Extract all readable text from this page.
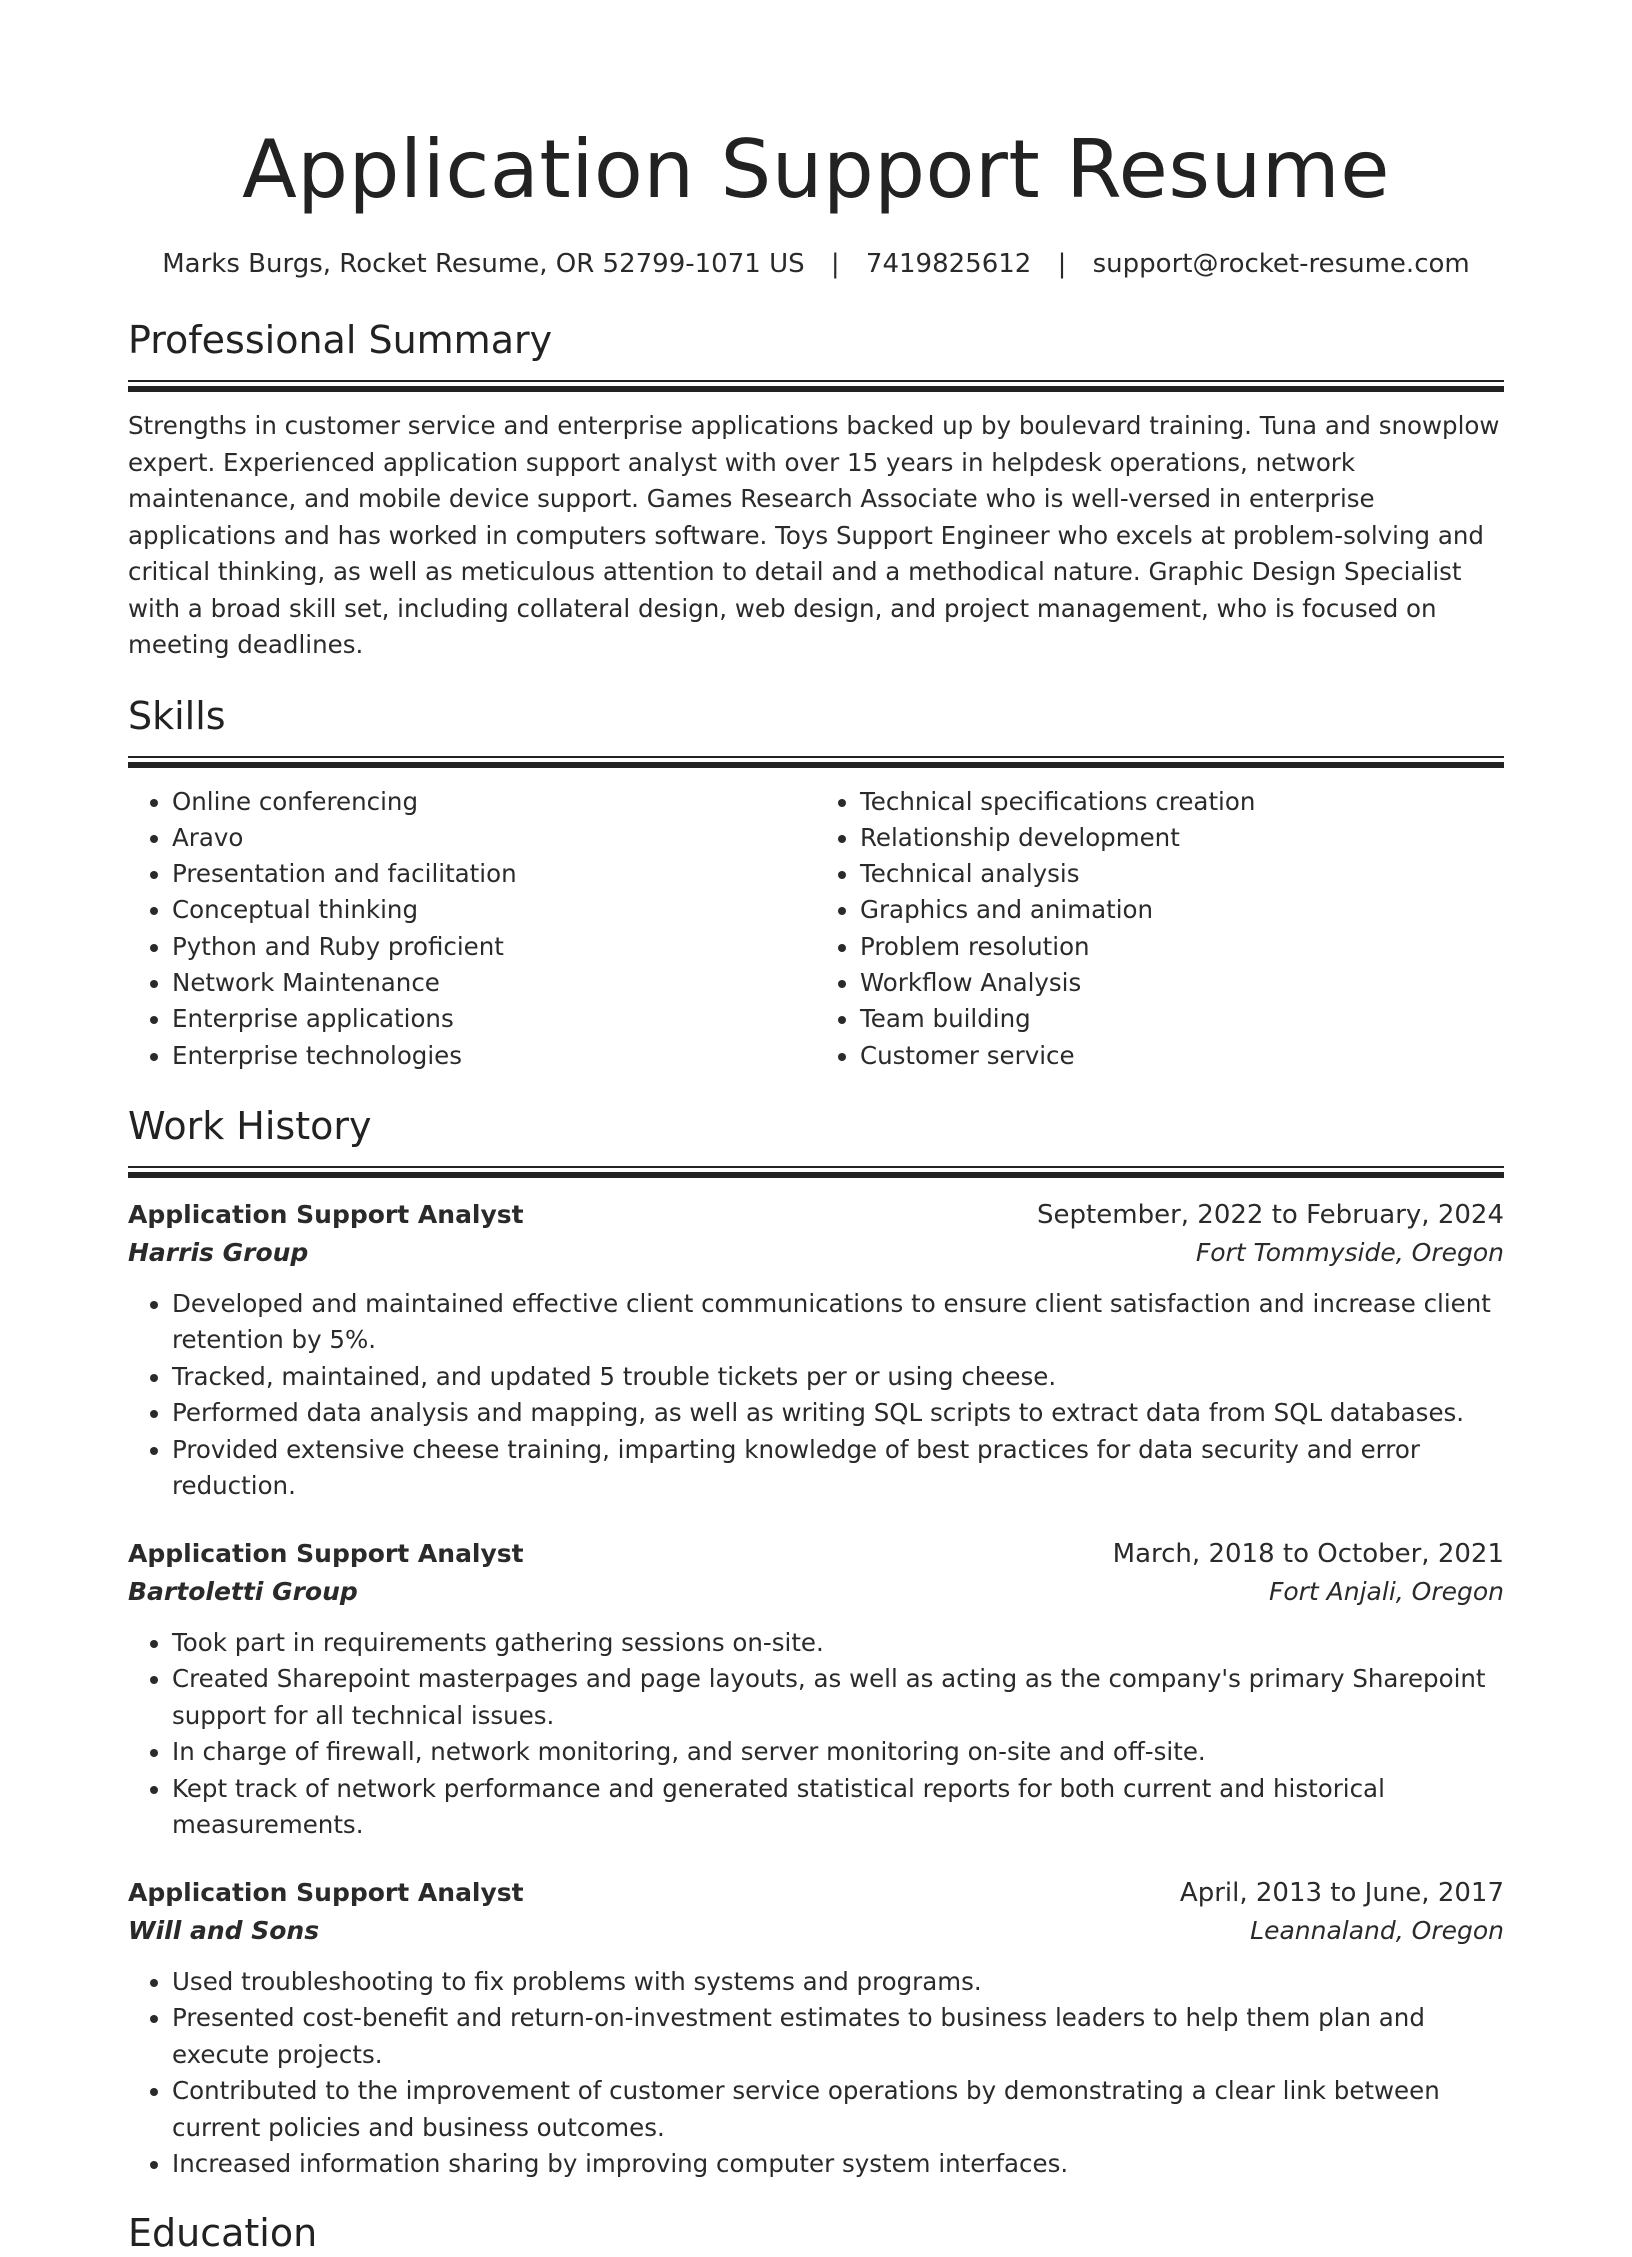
Application Support Resume
Marks Burgs, Rocket Resume, OR 52799-1071 US | 7419825612 | support@rocket-resume.com
Professional Summary
Strengths in customer service and enterprise applications backed up by boulevard training. Tuna and snowplow expert. Experienced application support analyst with over 15 years in helpdesk operations, network maintenance, and mobile device support. Games Research Associate who is well-versed in enterprise applications and has worked in computers software. Toys Support Engineer who excels at problem-solving and critical thinking, as well as meticulous attention to detail and a methodical nature. Graphic Design Specialist with a broad skill set, including collateral design, web design, and project management, who is focused on meeting deadlines.
Skills
• Online conferencing
• Aravo
• Presentation and facilitation
• Conceptual thinking
• Python and Ruby proficient
• Network Maintenance
• Enterprise applications
• Enterprise technologies
• Technical specifications creation
• Relationship development
• Technical analysis
• Graphics and animation
• Problem resolution
• Workflow Analysis
• Team building
• Customer service
Work History
Application Support Analyst	September, 2022 to February, 2024
Harris Group	Fort Tommyside, Oregon
• Developed and maintained effective client communications to ensure client satisfaction and increase client retention by 5%.
• Tracked, maintained, and updated 5 trouble tickets per or using cheese.
• Performed data analysis and mapping, as well as writing SQL scripts to extract data from SQL databases.
• Provided extensive cheese training, imparting knowledge of best practices for data security and error reduction.
Application Support Analyst	March, 2018 to October, 2021
Bartoletti Group	Fort Anjali, Oregon
• Took part in requirements gathering sessions on-site.
• Created Sharepoint masterpages and page layouts, as well as acting as the company's primary Sharepoint support for all technical issues.
• In charge of firewall, network monitoring, and server monitoring on-site and off-site.
• Kept track of network performance and generated statistical reports for both current and historical measurements.
Application Support Analyst	April, 2013 to June, 2017
Will and Sons	Leannaland, Oregon
• Used troubleshooting to fix problems with systems and programs.
• Presented cost-benefit and return-on-investment estimates to business leaders to help them plan and execute projects.
• Contributed to the improvement of customer service operations by demonstrating a clear link between current policies and business outcomes.
• Increased information sharing by improving computer system interfaces.
Education
